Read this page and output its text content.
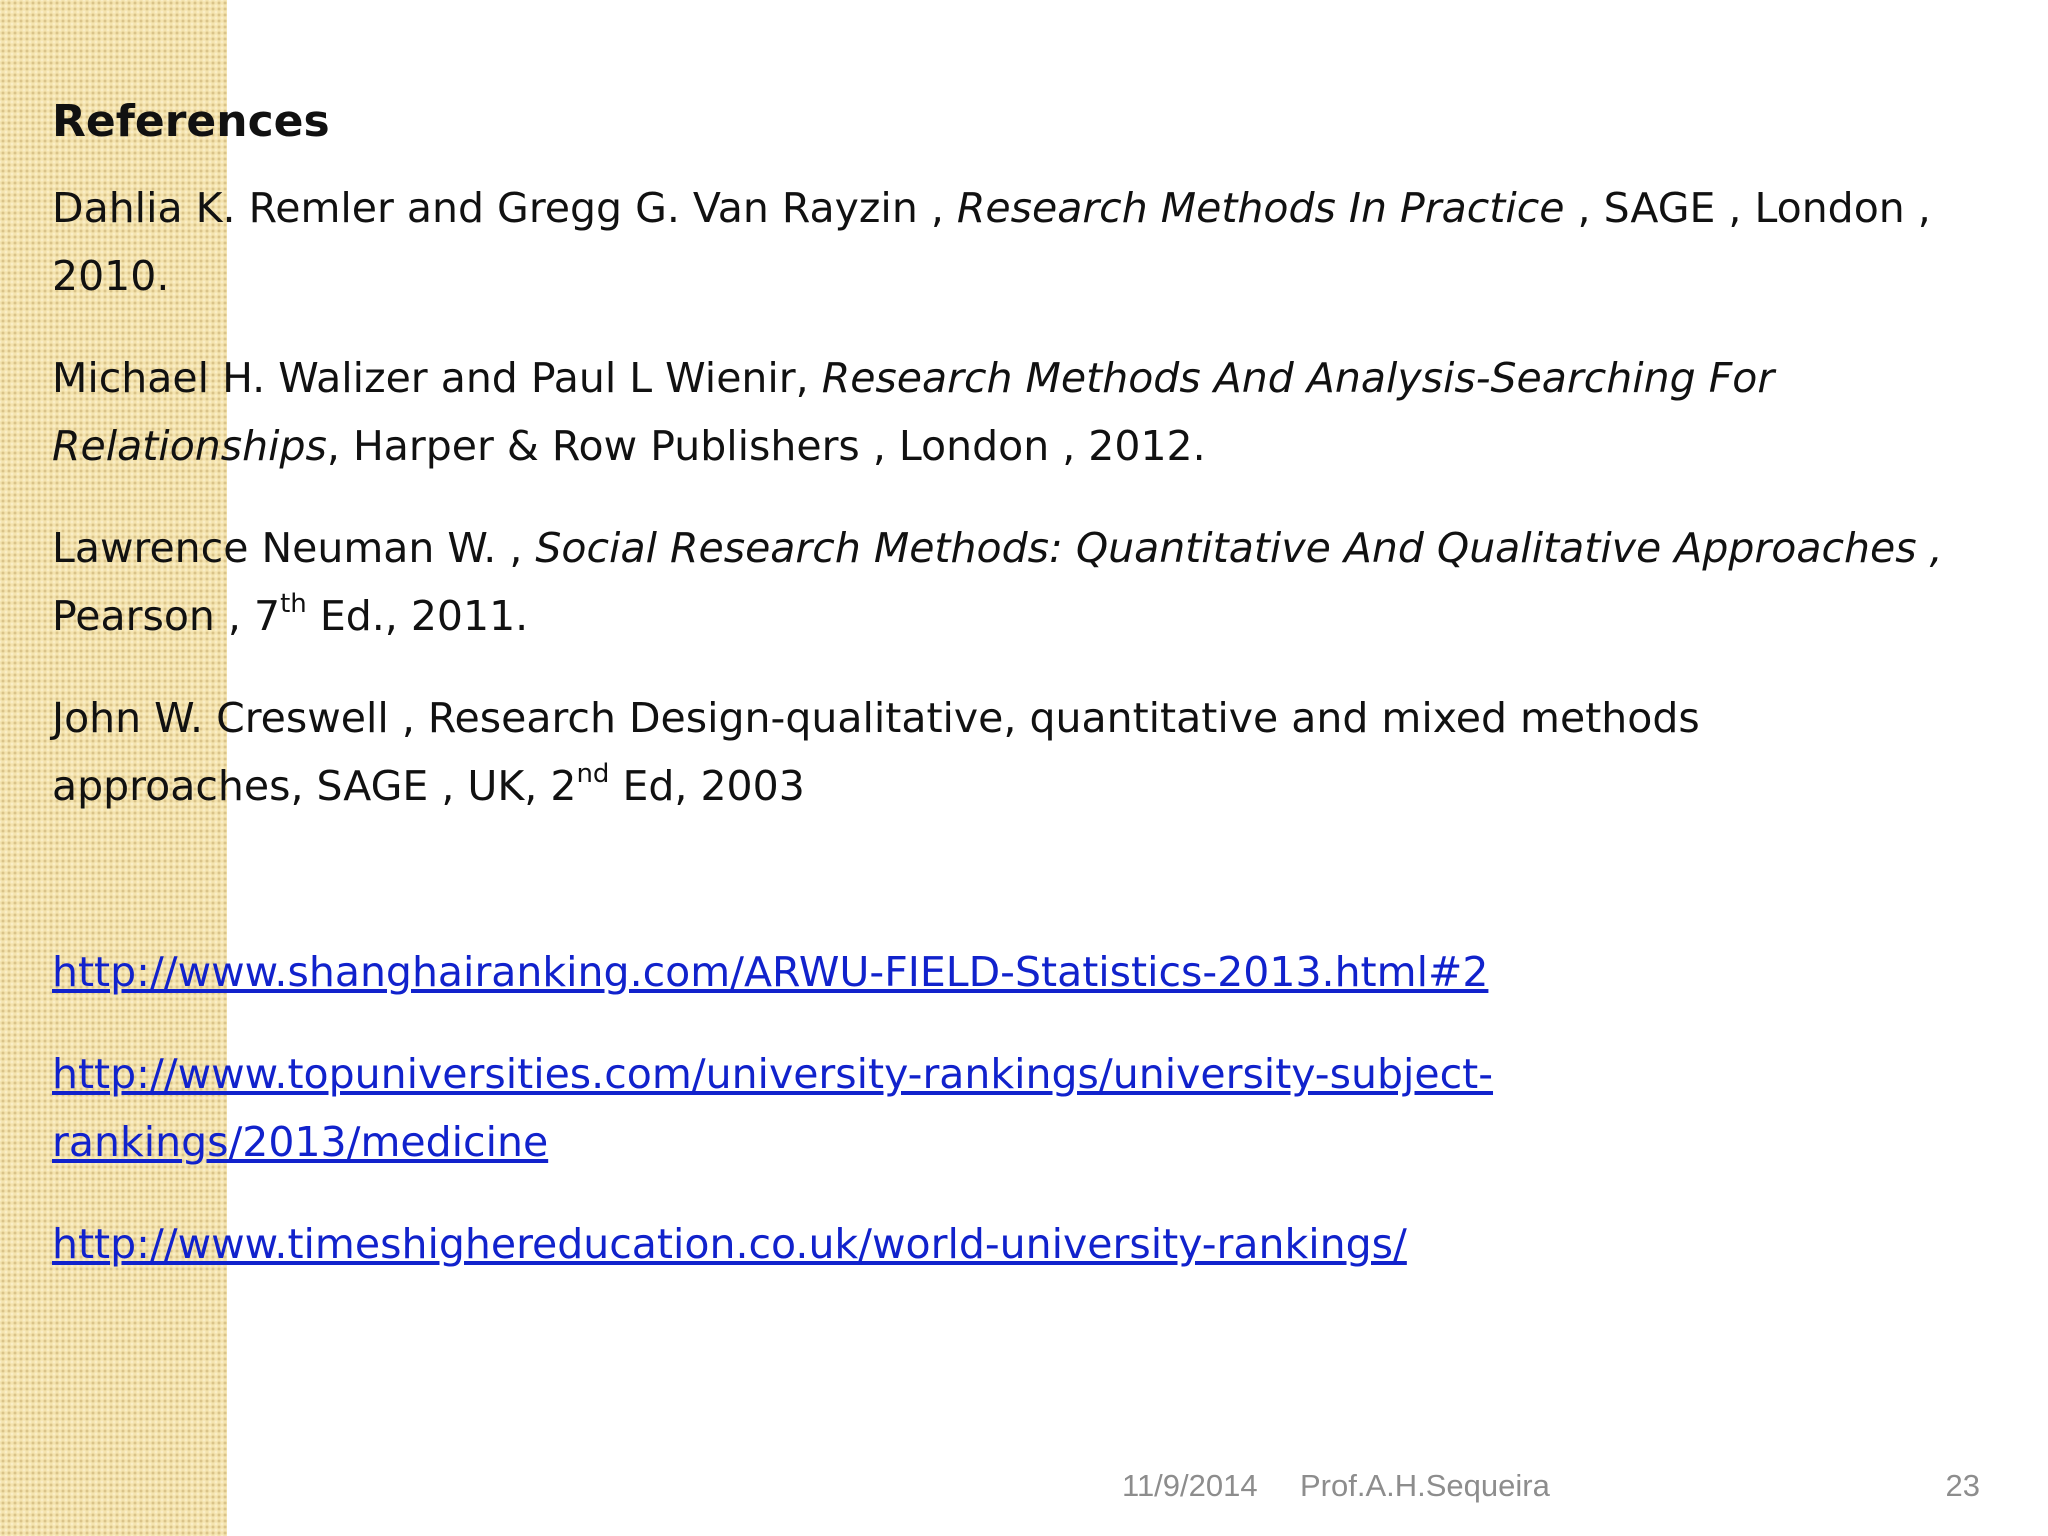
References
Dahlia K. Remler and Gregg G. Van Rayzin , Research Methods In Practice , SAGE , London , 2010.
Michael H. Walizer and Paul L Wienir, Research Methods And Analysis-Searching For Relationships, Harper & Row Publishers , London , 2012.
Lawrence Neuman W. , Social Research Methods: Quantitative And Qualitative Approaches , Pearson , 7th Ed., 2011.
John W. Creswell , Research Design-qualitative, quantitative and mixed methods approaches, SAGE , UK, 2nd Ed, 2003
http://www.shanghairanking.com/ARWU-FIELD-Statistics-2013.html#2
http://www.topuniversities.com/university-rankings/university-subject-rankings/2013/medicine
http://www.timeshighereducation.co.uk/world-university-rankings/
11/9/2014 Prof.A.H.Sequeira	23
